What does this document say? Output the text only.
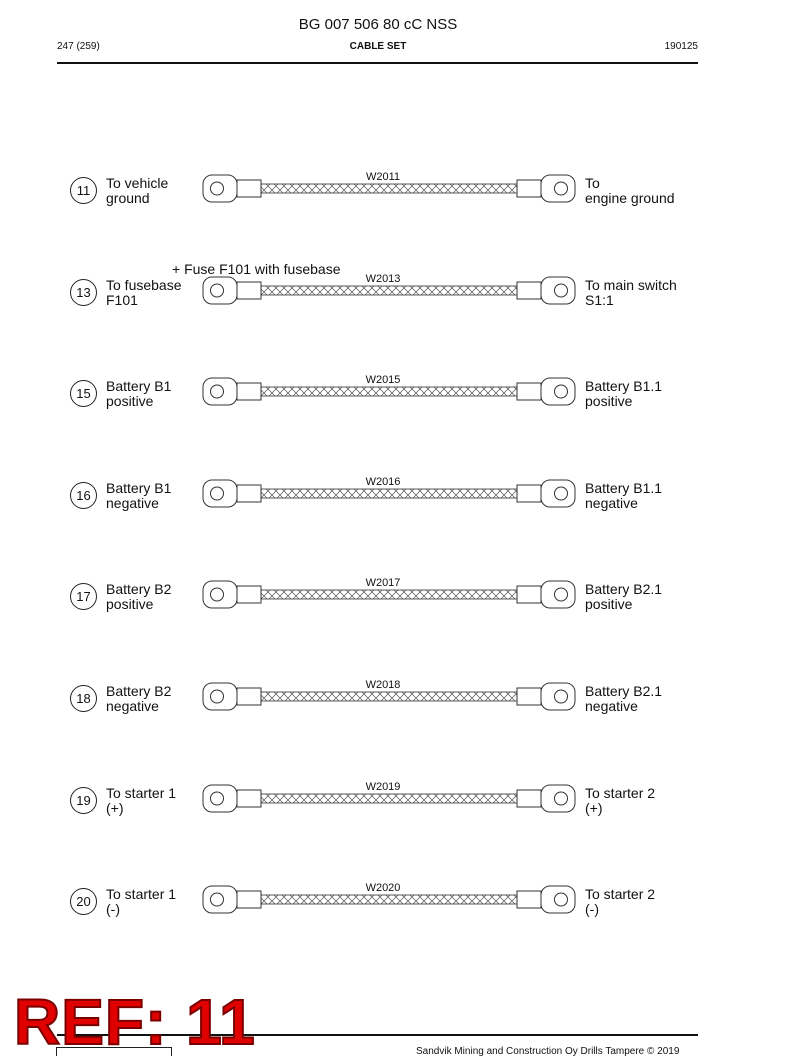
BG 007 506 80 cC NSS
247 (259)	CABLE SET	190125
11	To vehicle
ground
W2011	To
engine ground
13	To fusebase
F101
W2013	To main switch
S1:1
+ Fuse F101 with fusebase
15	Battery B1
positive
W2015	Battery B1.1
positive
16	Battery B1
negative
W2016	Battery B1.1
negative
17	Battery B2
positive
W2017	Battery B2.1
positive
18	Battery B2
negative
W2018	Battery B2.1
negative
19	To starter 1
(+)
W2019	To starter 2
(+)
20	To starter 1
(-)
W2020	To starter 2
(-)
Sandvik Mining and Construction Oy Drills Tampere © 2019
REF: 11
